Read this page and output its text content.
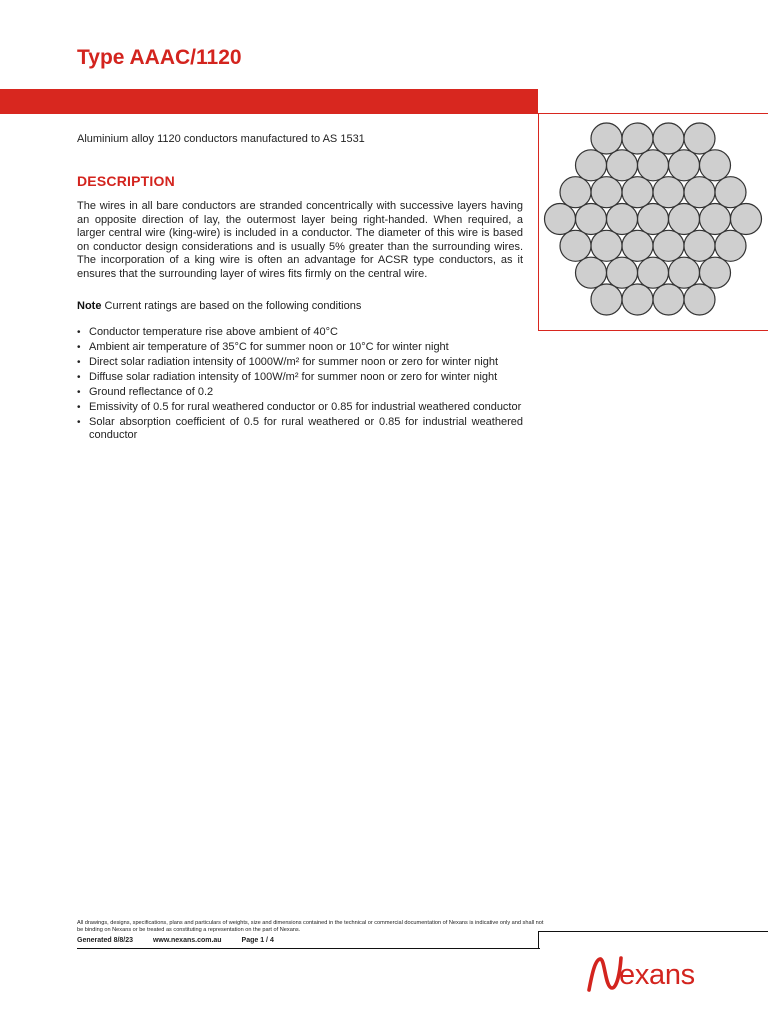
Type AAAC/1120

Aluminium alloy 1120 conductors manufactured to AS 1531

DESCRIPTION

The wires in all bare conductors are stranded concentrically with successive layers having an opposite direction of lay, the outermost layer being right-handed. When required, a larger central wire (king-wire) is included in a conductor. The diameter of this wire is based on conductor design considerations and is usually 5% greater than the surrounding wires. The incorporation of a king wire is often an advantage for ACSR type conductors, as it ensures that the surrounding layer of wires fits firmly on the central wire.

Note Current ratings are based on the following conditions

• Conductor temperature rise above ambient of 40°C
• Ambient air temperature of 35°C for summer noon or 10°C for winter night
• Direct solar radiation intensity of 1000W/m² for summer noon or zero for winter night
• Diffuse solar radiation intensity of 100W/m² for summer noon or zero for winter night
• Ground reflectance of 0.2
• Emissivity of 0.5 for rural weathered conductor or 0.85 for industrial weathered conductor
• Solar absorption coefficient of 0.5 for rural weathered or 0.85 for industrial weathered conductor

All drawings, designs, specifications, plans and particulars of weights, size and dimensions contained in the technical or commercial documentation of Nexans is indicative only and shall not be binding on Nexans or be treated as constituting a representation on the part of Nexans.

Generated 8/8/23	www.nexans.com.au	Page 1 / 4

exans
